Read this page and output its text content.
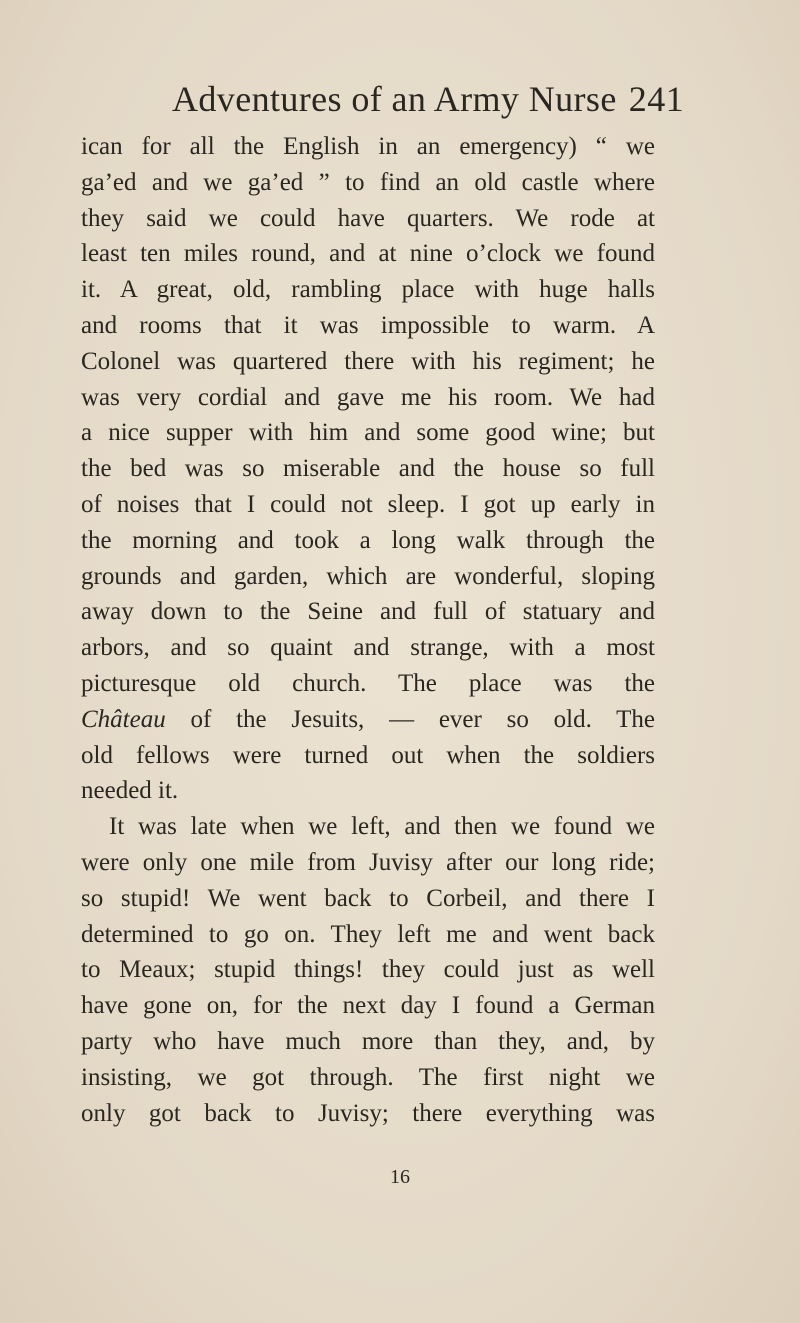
Adventures of an Army Nurse 241
ican for all the English in an emergency) “ we
ga’ed and we ga’ed ” to find an old castle where
they said we could have quarters. We rode at
least ten miles round, and at nine o’clock we found
it. A great, old, rambling place with huge halls
and rooms that it was impossible to warm. A
Colonel was quartered there with his regiment; he
was very cordial and gave me his room. We had
a nice supper with him and some good wine; but
the bed was so miserable and the house so full
of noises that I could not sleep. I got up early in
the morning and took a long walk through the
grounds and garden, which are wonderful, sloping
away down to the Seine and full of statuary and
arbors, and so quaint and strange, with a most
picturesque old church. The place was the
Château of the Jesuits, — ever so old. The
old fellows were turned out when the soldiers
needed it.
It was late when we left, and then we found we
were only one mile from Juvisy after our long ride;
so stupid! We went back to Corbeil, and there I
determined to go on. They left me and went back
to Meaux; stupid things! they could just as well
have gone on, for the next day I found a German
party who have much more than they, and, by
insisting, we got through. The first night we
only got back to Juvisy; there everything was
16
